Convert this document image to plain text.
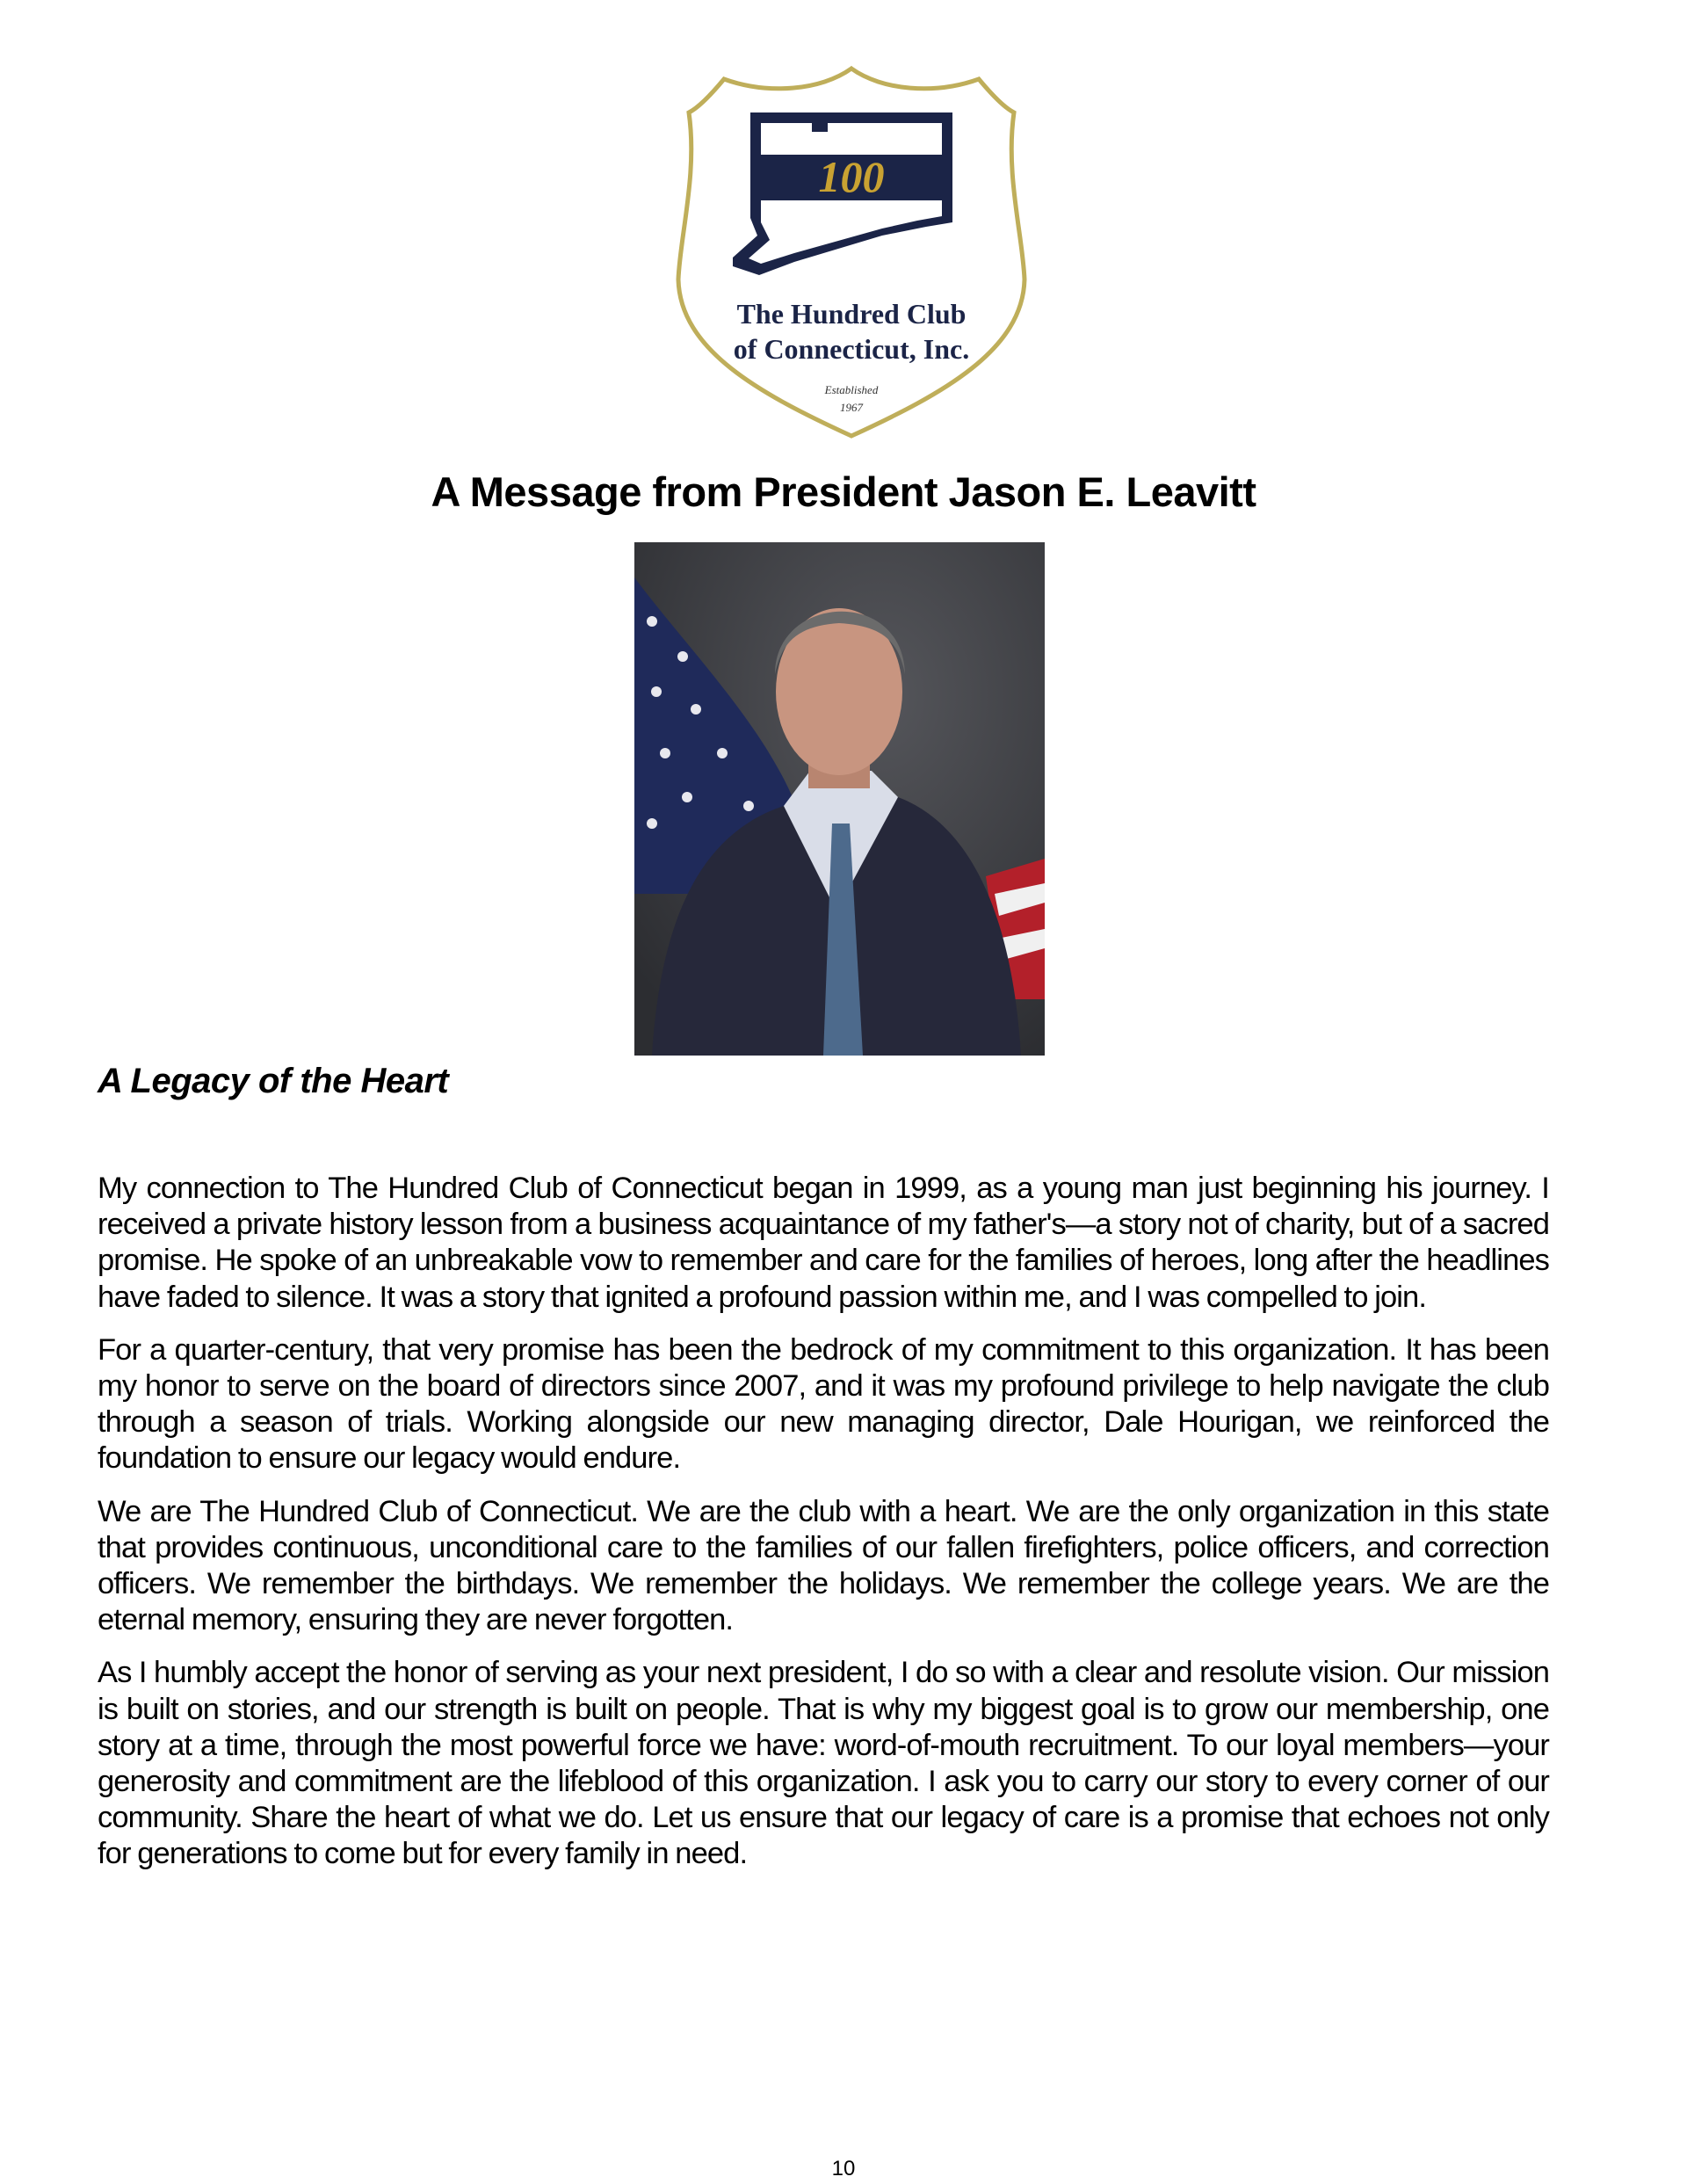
100
The Hundred Club
of Connecticut, Inc.
Established
1967
A Message from President Jason E. Leavitt
A Legacy of the Heart

My connection to The Hundred Club of Connecticut began in 1999, as a young man just beginning his journey. I received a private history lesson from a business acquaintance of my father's—a story not of charity, but of a sacred promise. He spoke of an unbreakable vow to remember and care for the families of heroes, long after the headlines have faded to silence. It was a story that ignited a profound passion within me, and I was compelled to join.

For a quarter-century, that very promise has been the bedrock of my commitment to this organization. It has been my honor to serve on the board of directors since 2007, and it was my profound privilege to help navigate the club through a season of trials. Working alongside our new managing director, Dale Hourigan, we reinforced the foundation to ensure our legacy would endure.

We are The Hundred Club of Connecticut. We are the club with a heart. We are the only organization in this state that provides continuous, unconditional care to the families of our fallen firefighters, police officers, and correction officers. We remember the birthdays. We remember the holidays. We remember the college years. We are the eternal memory, ensuring they are never forgotten.

As I humbly accept the honor of serving as your next president, I do so with a clear and resolute vision. Our mission is built on stories, and our strength is built on people. That is why my biggest goal is to grow our membership, one story at a time, through the most powerful force we have: word-of-mouth recruitment. To our loyal members—your generosity and commitment are the lifeblood of this organization. I ask you to carry our story to every corner of our community. Share the heart of what we do. Let us ensure that our legacy of care is a promise that echoes not only for generations to come but for every family in need.

10
